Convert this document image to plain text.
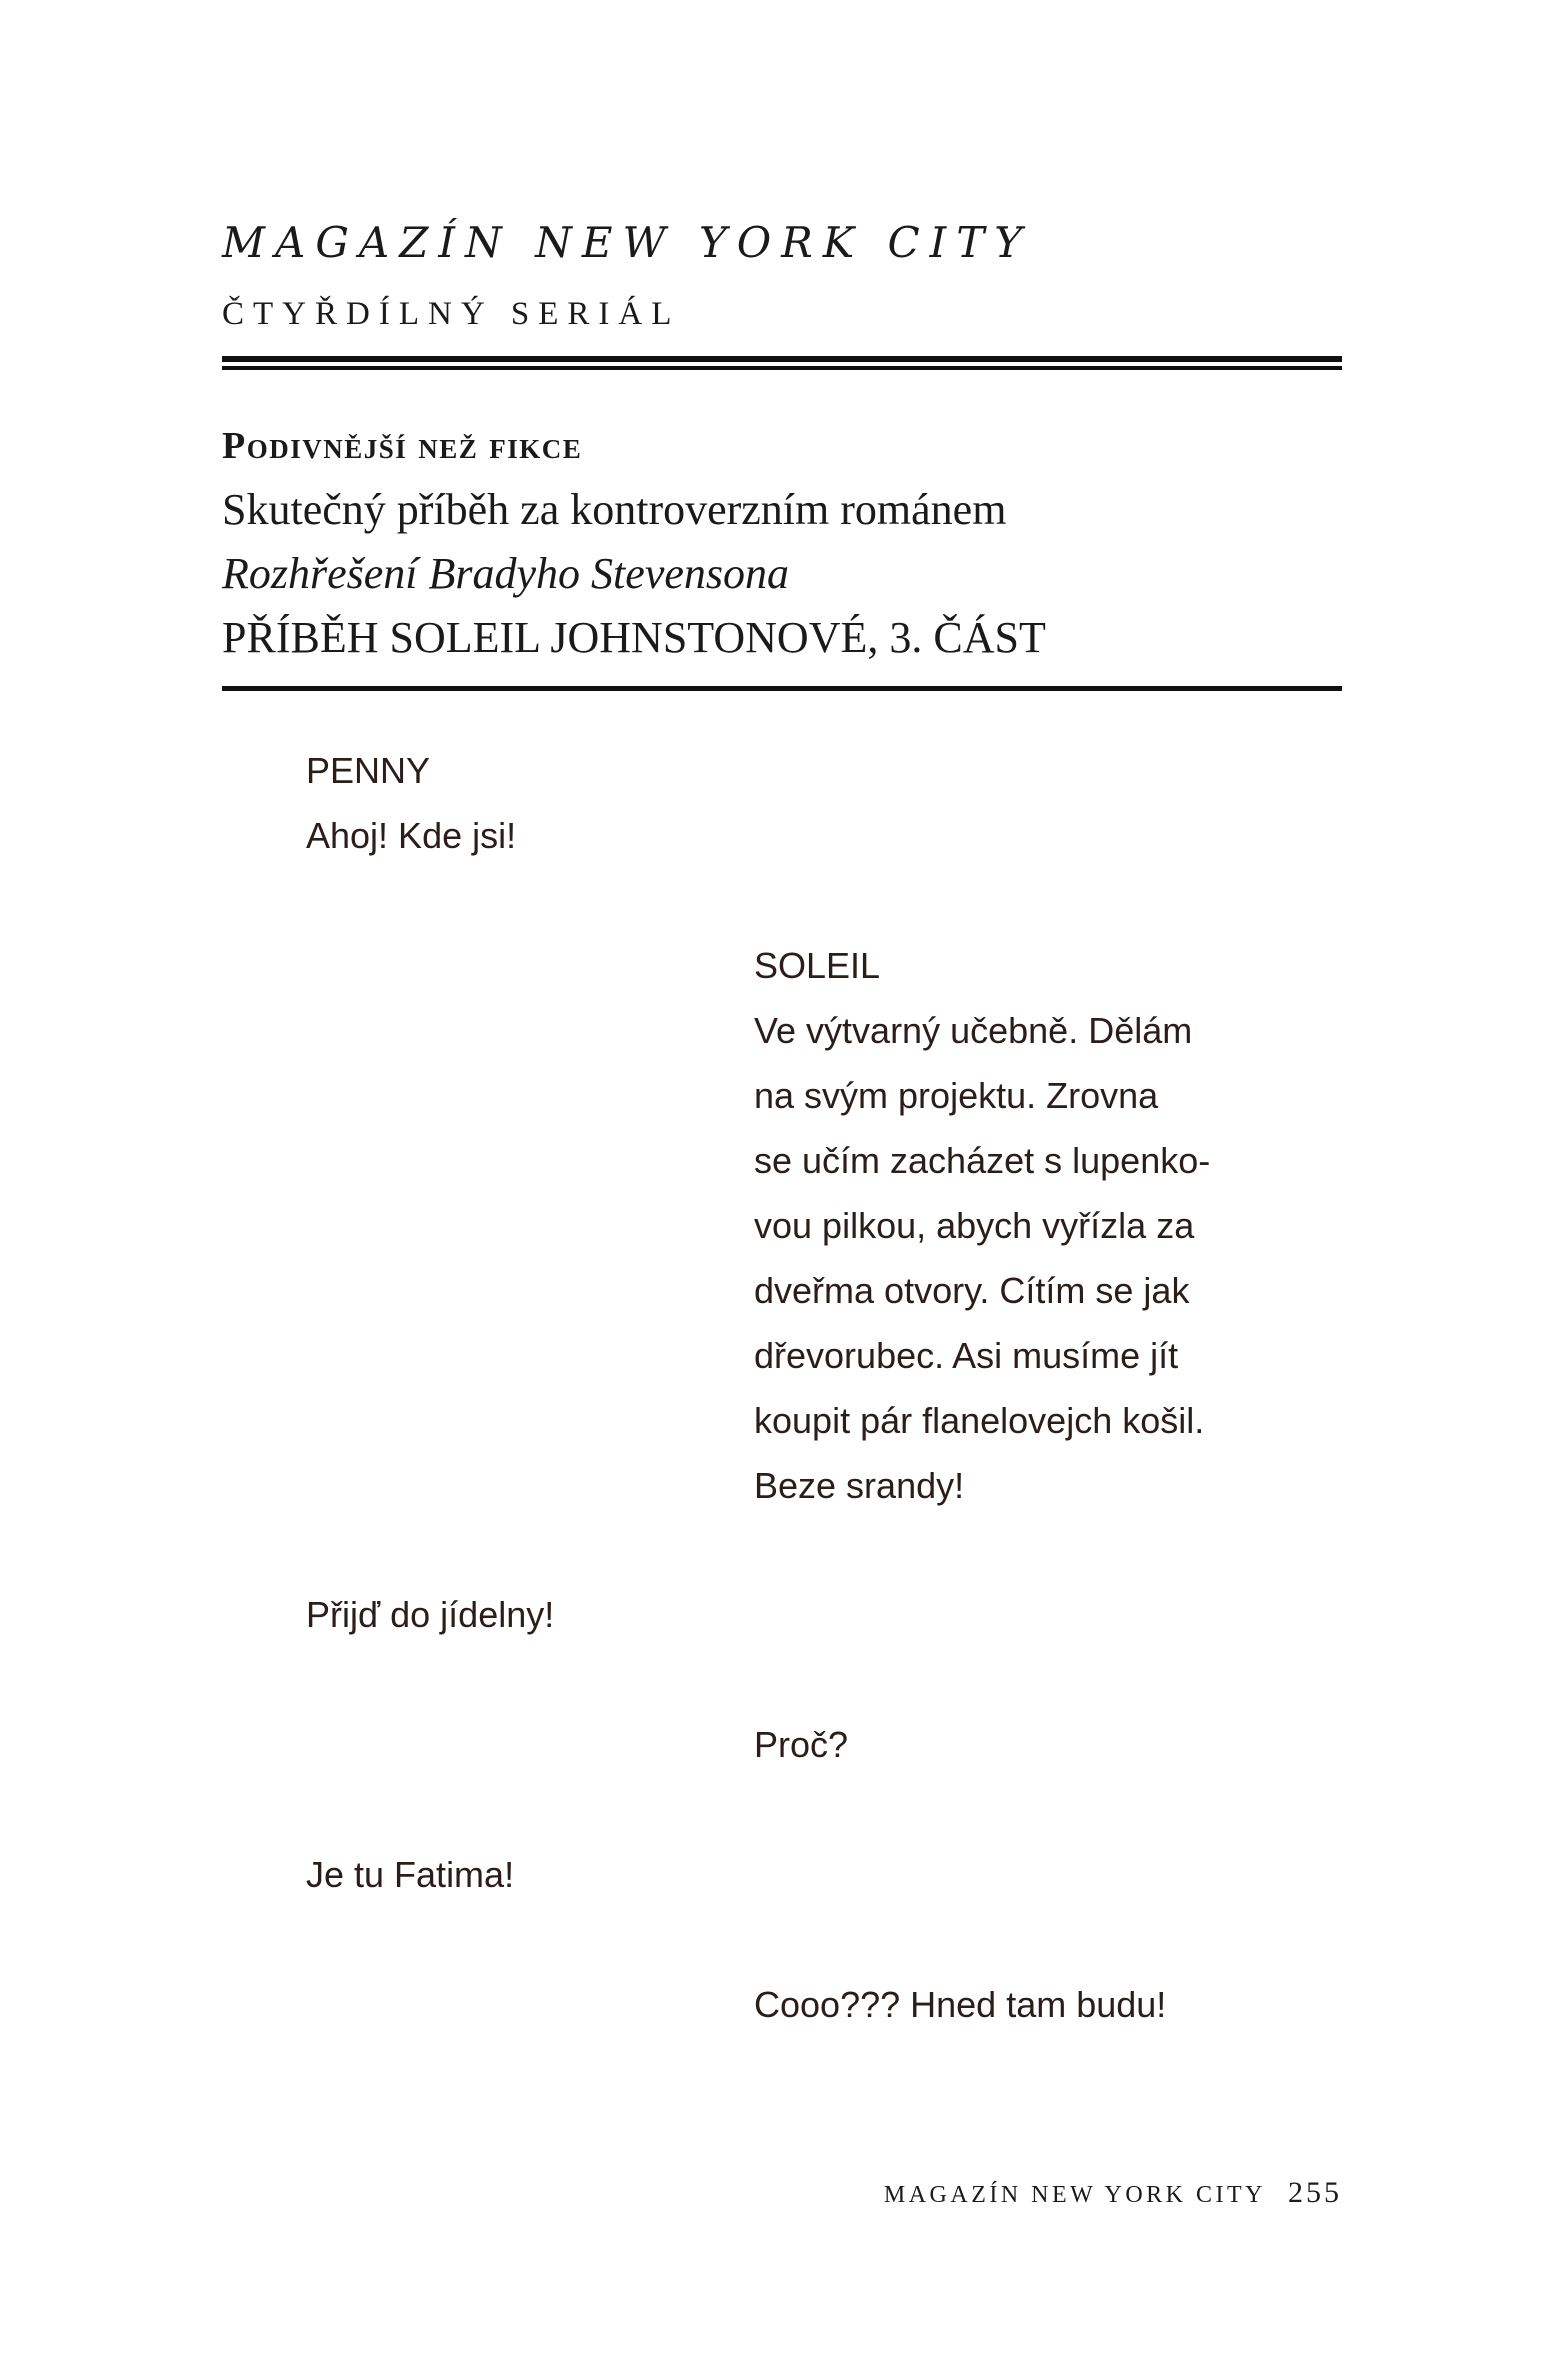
MAGAZÍN NEW YORK CITY
ČTYŘDÍLNÝ SERIÁL
Podivnější než fikce
Skutečný příběh za kontroverzním románem
Rozhřešení Bradyho Stevensona
PŘÍBĚH SOLEIL JOHNSTONOVÉ, 3. ČÁST
PENNY
Ahoj! Kde jsi!
SOLEIL
Ve výtvarný učebně. Dělám
na svým projektu. Zrovna
se učím zacházet s lupenko-
vou pilkou, abych vyřízla za
dveřma otvory. Cítím se jak
dřevorubec. Asi musíme jít
koupit pár flanelovejch košil.
Beze srandy!
Přijď do jídelny!
Proč?
Je tu Fatima!
Cooo??? Hned tam budu!
MAGAZÍN NEW YORK CITY 255
